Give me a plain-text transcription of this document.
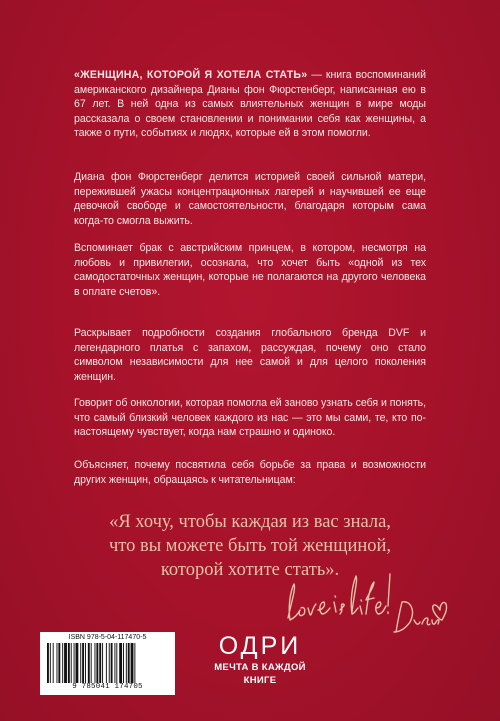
«ЖЕНЩИНА, КОТОРОЙ Я ХОТЕЛА СТАТЬ» — книга воспоминаний американского дизайнера Дианы фон Фюрстенберг, написанная ею в 67 лет. В ней одна из самых влиятельных женщин в мире моды рассказала о своем становлении и понимании себя как женщины, а также о пути, событиях и людях, которые ей в этом помогли.

Диана фон Фюрстенберг делится историей своей сильной матери, пережившей ужасы концентрационных лагерей и научившей ее еще девочкой свободе и самостоятельности, благодаря которым сама когда-то смогла выжить.

Вспоминает брак с австрийским принцем, в котором, несмотря на любовь и привилегии, осознала, что хочет быть «одной из тех самодостаточных женщин, которые не полагаются на другого человека в оплате счетов».

Раскрывает подробности создания глобального бренда DVF и легендарного платья с запахом, рассуждая, почему оно стало символом независимости для нее самой и для целого поколения женщин.

Говорит об онкологии, которая помогла ей заново узнать себя и понять, что самый близкий человек каждого из нас — это мы сами, те, кто по-настоящему чувствует, когда нам страшно и одиноко.

Объясняет, почему посвятила себя борьбе за права и возможности других женщин, обращаясь к читательницам:

«Я хочу, чтобы каждая из вас знала,
что вы можете быть той женщиной,
которой хотите стать».
ISBN 978-5-04-117470-5
9 785041 174705
ОДРИ
МЕЧТА В КАЖДОЙ
КНИГЕ
